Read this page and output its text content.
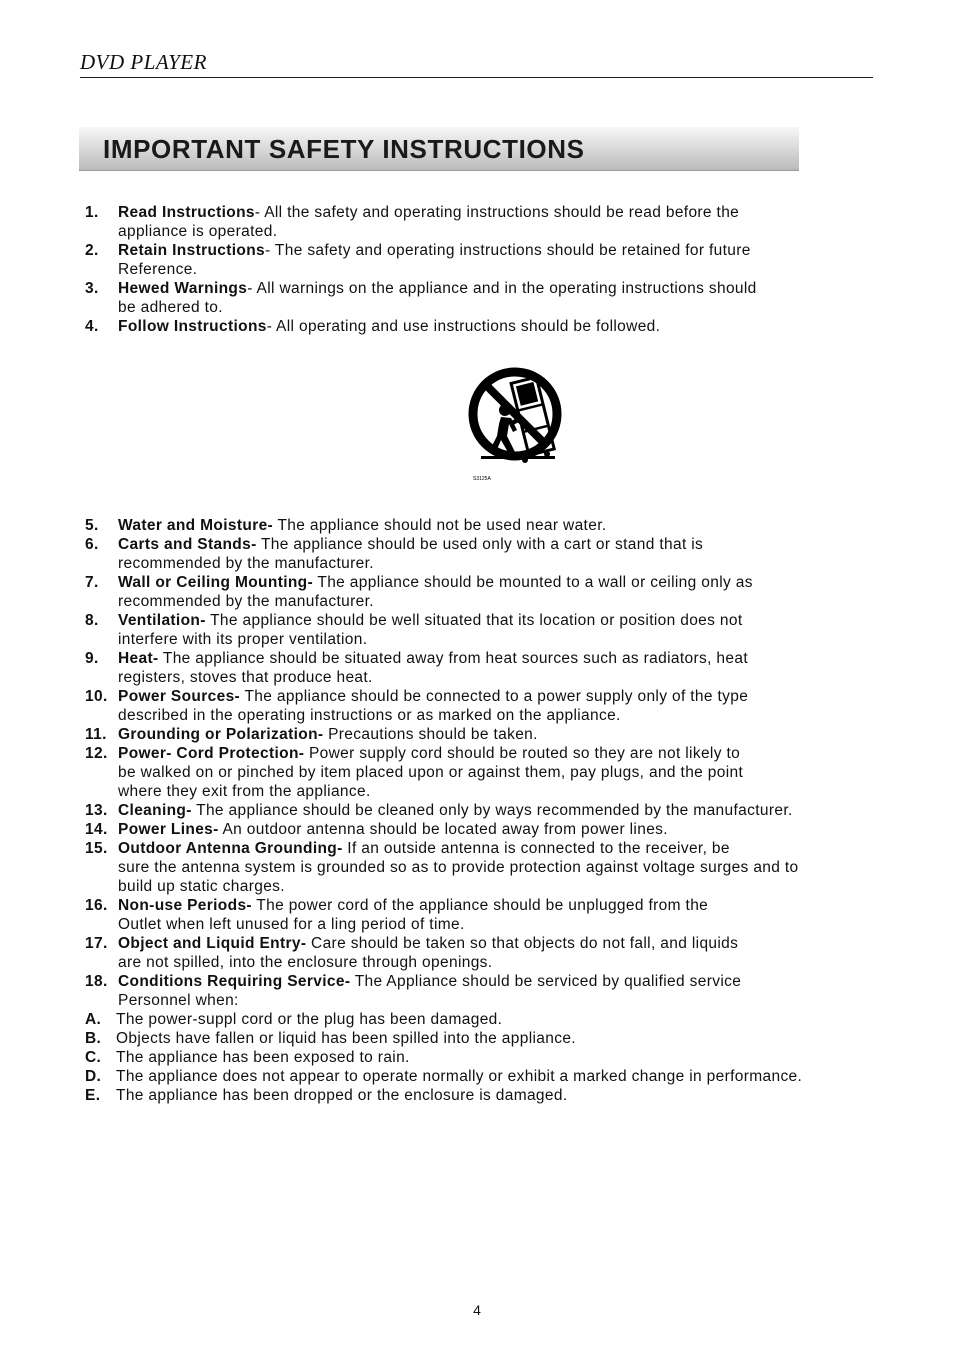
DVD PLAYER
IMPORTANT SAFETY INSTRUCTIONS
1. Read Instructions- All the safety and operating instructions should be read before the
appliance is operated.
2. Retain Instructions- The safety and operating instructions should be retained for future
Reference.
3. Hewed Warnings- All warnings on the appliance and in the operating instructions should
be adhered to.
4. Follow Instructions- All operating and use instructions should be followed.
S3125A
5. Water and Moisture- The appliance should not be used near water.
6. Carts and Stands- The appliance should be used only with a cart or stand that is
recommended by the manufacturer.
7. Wall or Ceiling Mounting- The appliance should be mounted to a wall or ceiling only as
recommended by the manufacturer.
8. Ventilation- The appliance should be well situated that its location or position does not
interfere with its proper ventilation.
9. Heat- The appliance should be situated away from heat sources such as radiators, heat
registers, stoves that produce heat.
10. Power Sources- The appliance should be connected to a power supply only of the type
described in the operating instructions or as marked on the appliance.
11. Grounding or Polarization- Precautions should be taken.
12. Power- Cord Protection- Power supply cord should be routed so they are not likely to
be walked on or pinched by item placed upon or against them, pay plugs, and the point
where they exit from the appliance.
13. Cleaning- The appliance should be cleaned only by ways recommended by the manufacturer.
14. Power Lines- An outdoor antenna should be located away from power lines.
15. Outdoor Antenna Grounding- If an outside antenna is connected to the receiver, be
sure the antenna system is grounded so as to provide protection against voltage surges and to
build up static charges.
16. Non-use Periods- The power cord of the appliance should be unplugged from the
Outlet when left unused for a ling period of time.
17. Object and Liquid Entry- Care should be taken so that objects do not fall, and liquids
are not spilled, into the enclosure through openings.
18. Conditions Requiring Service- The Appliance should be serviced by qualified service
Personnel when:
A. The power-suppl cord or the plug has been damaged.
B. Objects have fallen or liquid has been spilled into the appliance.
C. The appliance has been exposed to rain.
D. The appliance does not appear to operate normally or exhibit a marked change in performance.
E. The appliance has been dropped or the enclosure is damaged.
4
